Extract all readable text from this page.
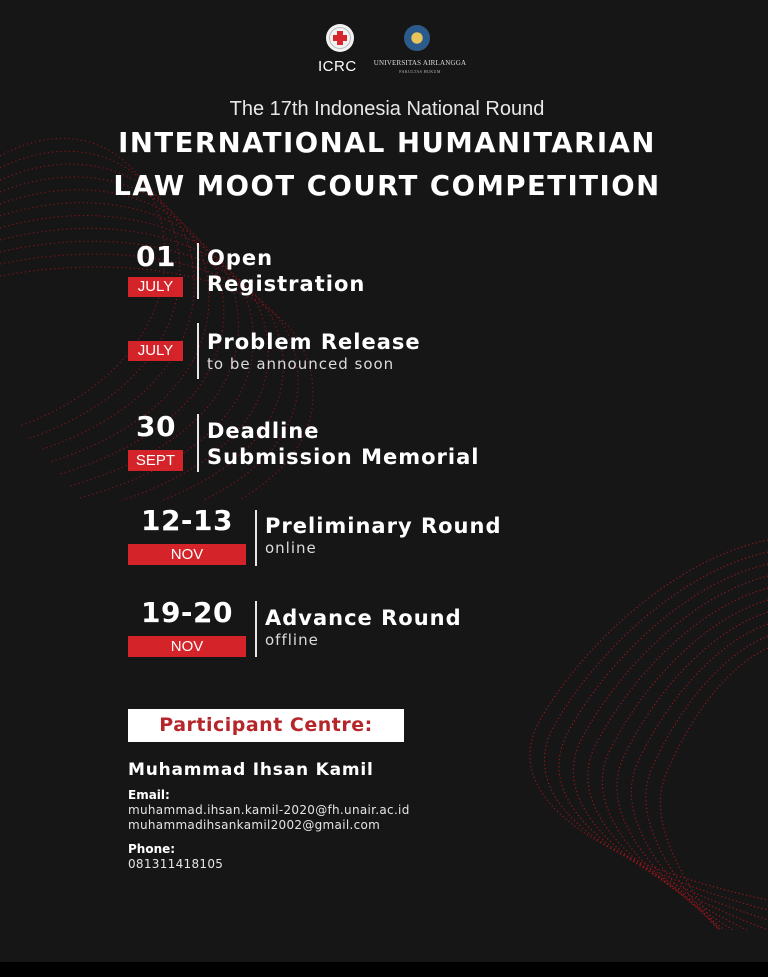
ICRC	UNIVERSITAS AIRLANGGA
FAKULTAS HUKUM
The 17th Indonesia National Round
INTERNATIONAL HUMANITARIAN
LAW MOOT COURT COMPETITION
01
JULY
Open
Registration
JULY	Problem Release
to be announced soon
30
SEPT
Deadline
Submission Memorial
12-13
NOV
Preliminary Round
online
19-20
NOV
Advance Round
offline
Participant Centre:
Muhammad Ihsan Kamil
Email:
muhammad.ihsan.kamil-2020@fh.unair.ac.id
muhammadihsankamil2002@gmail.com
Phone:
081311418105
